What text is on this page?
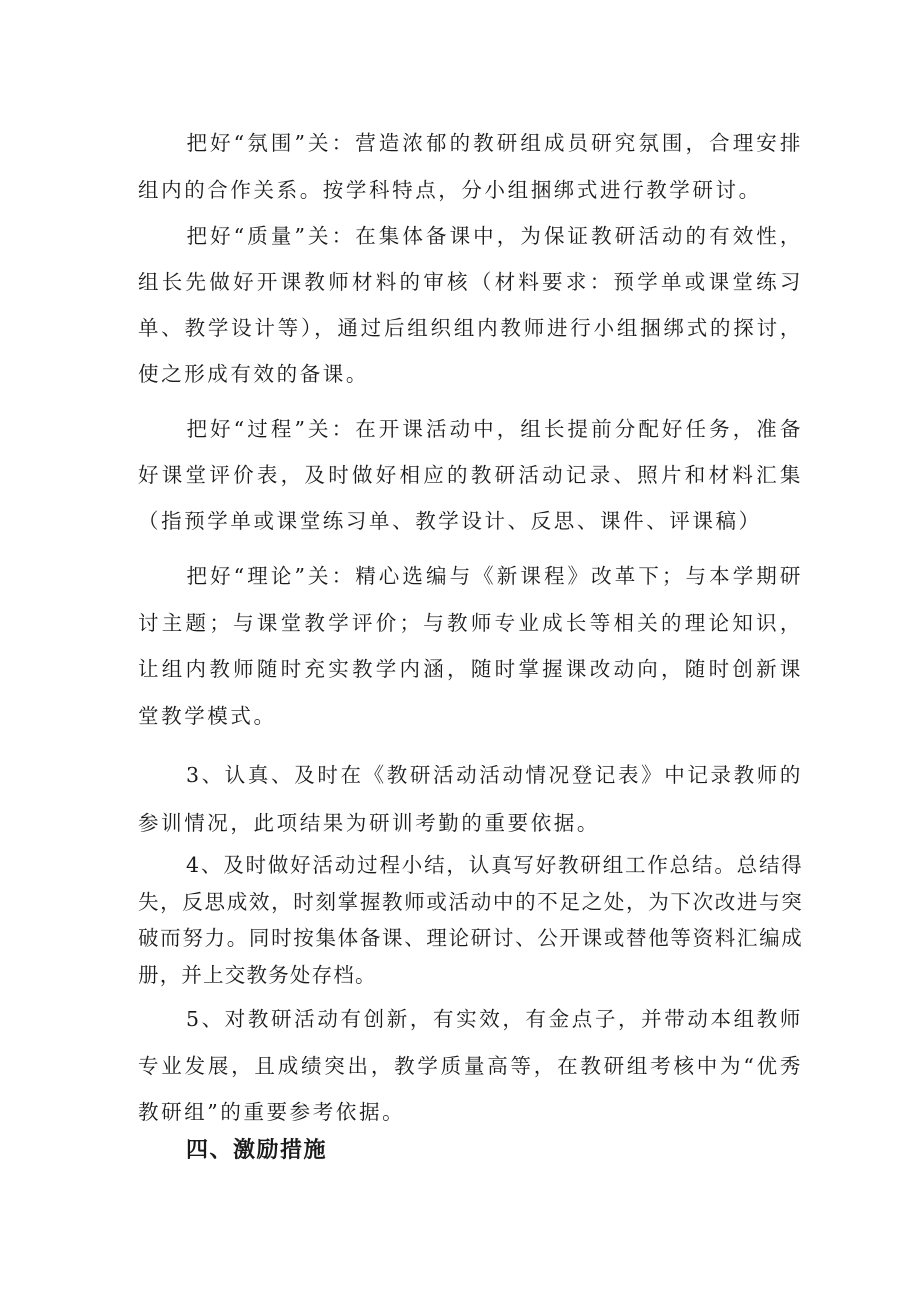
把好“氛围”关：营造浓郁的教研组成员研究氛围，合理安排组内的合作关系。按学科特点，分小组捆绑式进行教学研讨。

把好“质量”关：在集体备课中，为保证教研活动的有效性，组长先做好开课教师材料的审核（材料要求：预学单或课堂练习单、教学设计等），通过后组织组内教师进行小组捆绑式的探讨，使之形成有效的备课。

把好“过程”关：在开课活动中，组长提前分配好任务，准备好课堂评价表，及时做好相应的教研活动记录、照片和材料汇集（指预学单或课堂练习单、教学设计、反思、课件、评课稿）

把好“理论”关：精心选编与《新课程》改革下；与本学期研讨主题；与课堂教学评价；与教师专业成长等相关的理论知识，让组内教师随时充实教学内涵，随时掌握课改动向，随时创新课堂教学模式。

3、认真、及时在《教研活动活动情况登记表》中记录教师的参训情况，此项结果为研训考勤的重要依据。

4、及时做好活动过程小结，认真写好教研组工作总结。总结得失，反思成效，时刻掌握教师或活动中的不足之处，为下次改进与突破而努力。同时按集体备课、理论研讨、公开课或替他等资料汇编成册，并上交教务处存档。

5、对教研活动有创新，有实效，有金点子，并带动本组教师专业发展，且成绩突出，教学质量高等，在教研组考核中为“优秀教研组”的重要参考依据。

四、激励措施
